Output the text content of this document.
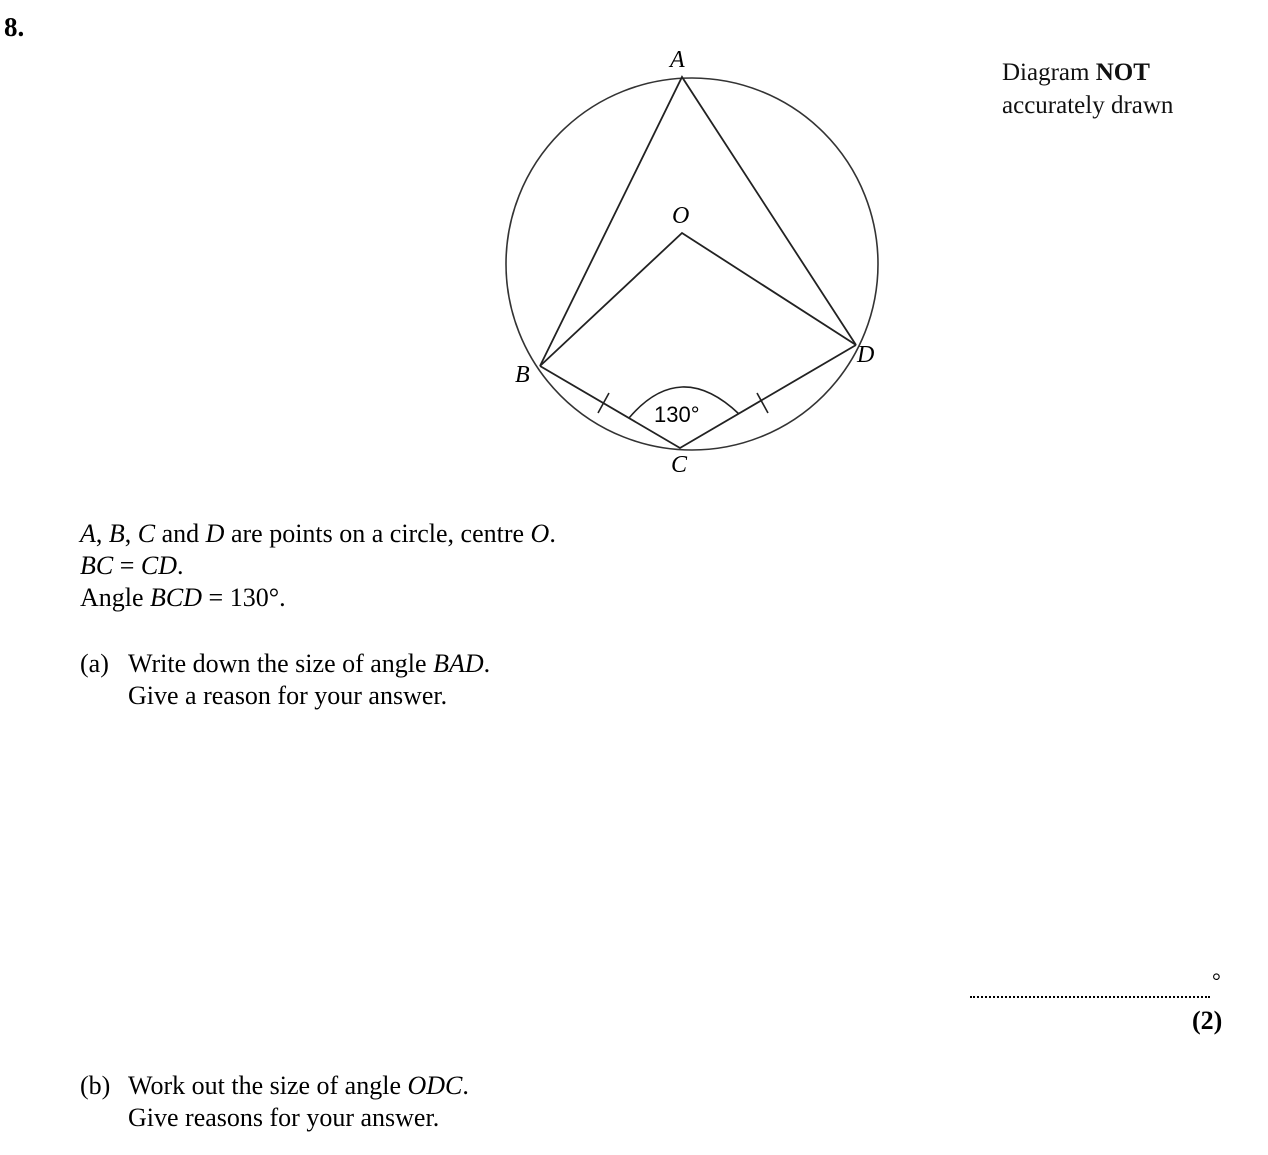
8.
A
O
B
D
C
130°
Diagram NOT
accurately drawn
A, B, C and D are points on a circle, centre O.
BC = CD.
Angle BCD = 130°.
(a) Write down the size of angle BAD.
Give a reason for your answer.
°
(2)
(b) Work out the size of angle ODC.
Give reasons for your answer.
